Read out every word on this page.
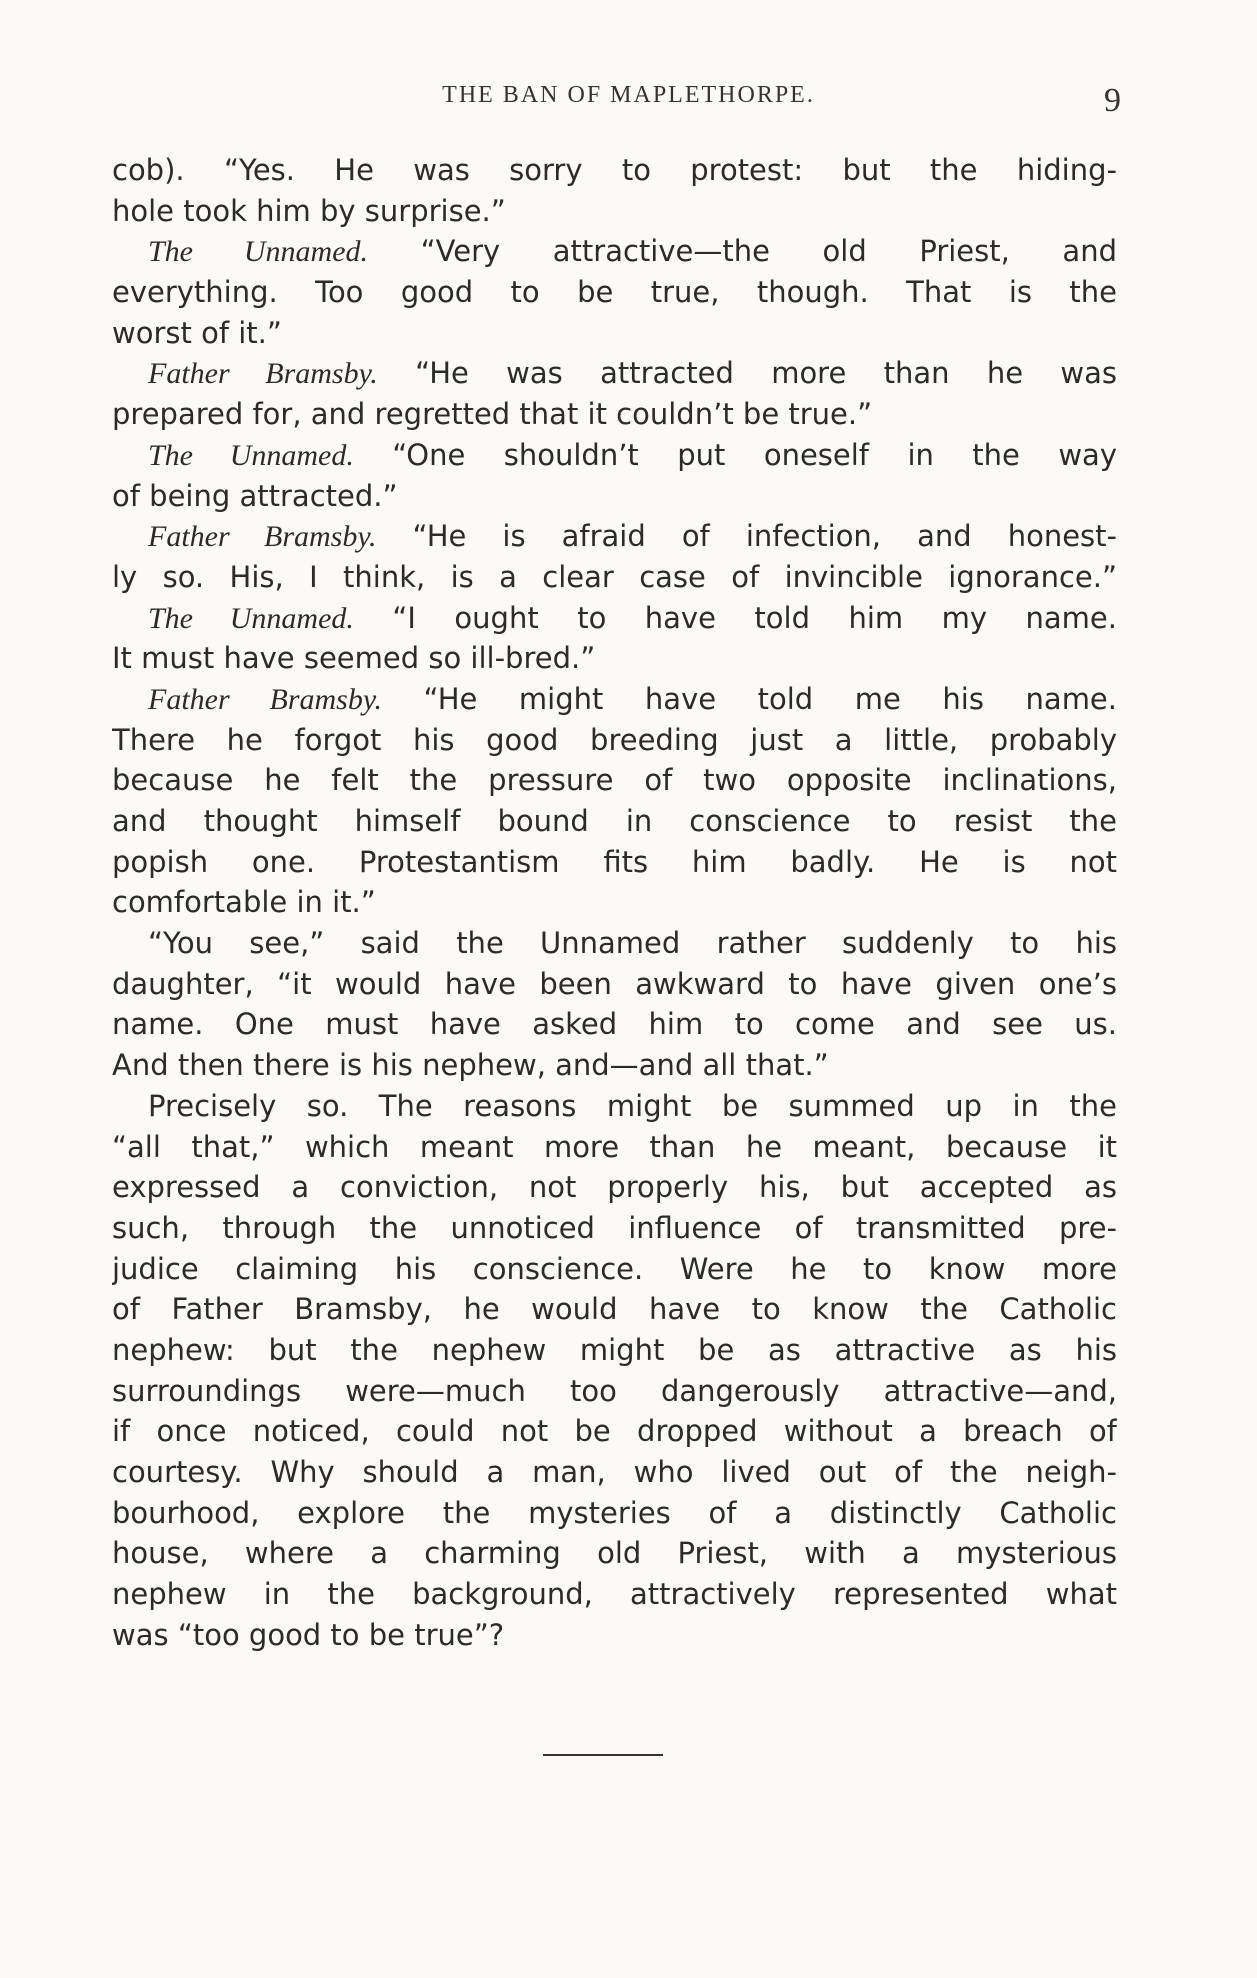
THE BAN OF MAPLETHORPE.	9
cob). “Yes. He was sorry to protest: but the hiding-
hole took him by surprise.”
The Unnamed. “Very attractive—the old Priest, and
everything. Too good to be true, though. That is the
worst of it.”
Father Bramsby. “He was attracted more than he was
prepared for, and regretted that it couldn’t be true.”
The Unnamed. “One shouldn’t put oneself in the way
of being attracted.”
Father Bramsby. “He is afraid of infection, and honest-
ly so. His, I think, is a clear case of invincible ignorance.”
The Unnamed. “I ought to have told him my name.
It must have seemed so ill-bred.”
Father Bramsby. “He might have told me his name.
There he forgot his good breeding just a little, probably
because he felt the pressure of two opposite inclinations,
and thought himself bound in conscience to resist the
popish one. Protestantism fits him badly. He is not
comfortable in it.”
“You see,” said the Unnamed rather suddenly to his
daughter, “it would have been awkward to have given one’s
name. One must have asked him to come and see us.
And then there is his nephew, and—and all that.”
Precisely so. The reasons might be summed up in the
“all that,” which meant more than he meant, because it
expressed a conviction, not properly his, but accepted as
such, through the unnoticed influence of transmitted pre-
judice claiming his conscience. Were he to know more
of Father Bramsby, he would have to know the Catholic
nephew: but the nephew might be as attractive as his
surroundings were—much too dangerously attractive—and,
if once noticed, could not be dropped without a breach of
courtesy. Why should a man, who lived out of the neigh-
bourhood, explore the mysteries of a distinctly Catholic
house, where a charming old Priest, with a mysterious
nephew in the background, attractively represented what
was “too good to be true”?
